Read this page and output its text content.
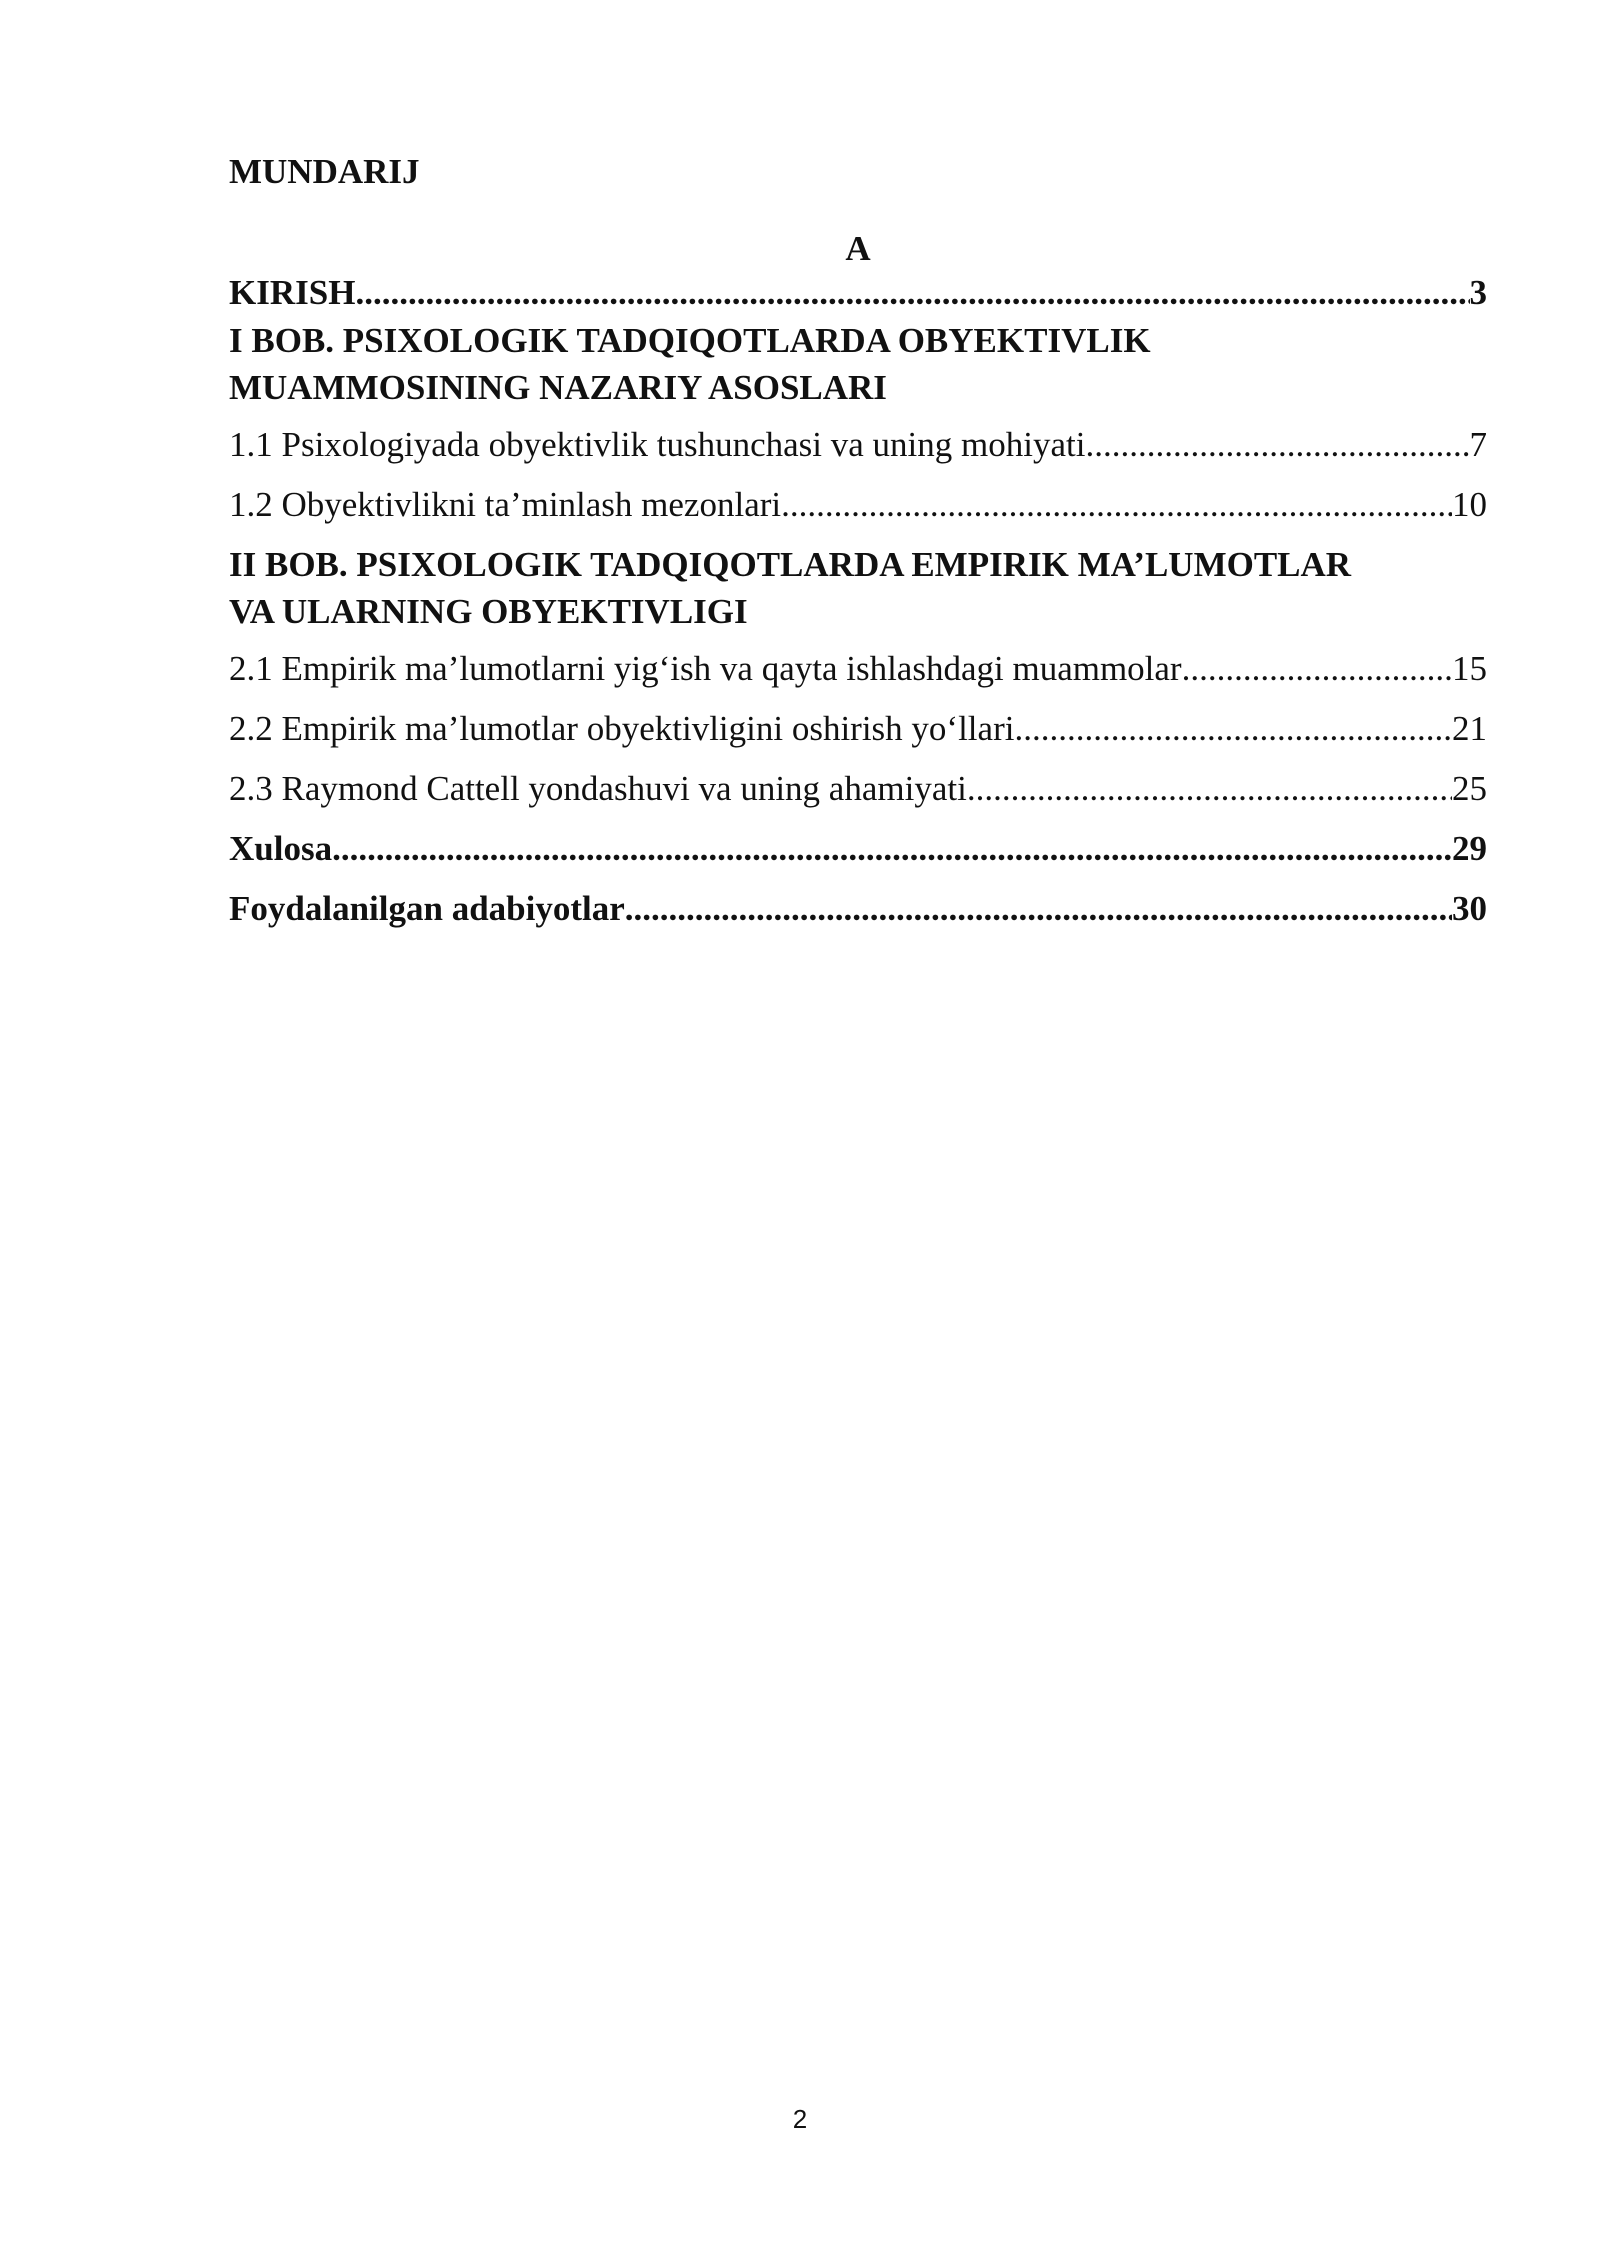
MUNDARIJ
A
KIRISH .....	3
I BOB. PSIXOLOGIK TADQIQOTLARDA OBYEKTIVLIK
MUAMMOSINING NAZARIY ASOSLARI
1.1 Psixologiyada obyektivlik tushunchasi va uning mohiyati .....	7
1.2 Obyektivlikni ta’minlash mezonlari .....	10
II BOB. PSIXOLOGIK TADQIQOTLARDA EMPIRIK MA’LUMOTLAR
VA ULARNING OBYEKTIVLIGI
2.1 Empirik ma’lumotlarni yig‘ish va qayta ishlashdagi muammolar .....	15
2.2 Empirik ma’lumotlar obyektivligini oshirish yo‘llari .....	21
2.3 Raymond Cattell yondashuvi va uning ahamiyati .....	25
Xulosa .....	29
Foydalanilgan adabiyotlar .....	30
2
